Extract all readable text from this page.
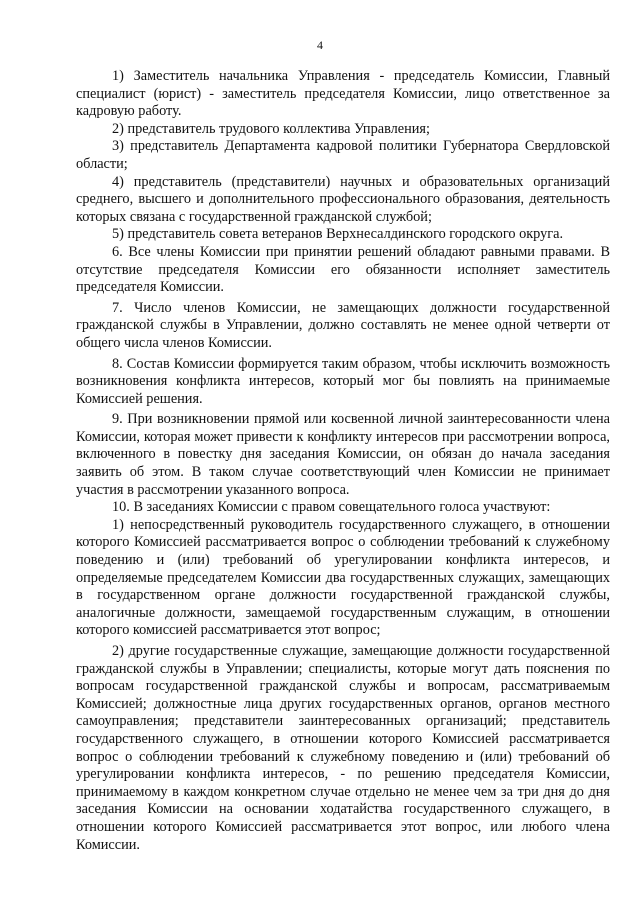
4

1) Заместитель начальника Управления - председатель Комиссии, Главный специалист (юрист) - заместитель председателя Комиссии, лицо ответственное за кадровую работу.

2) представитель трудового коллектива Управления;

3) представитель Департамента кадровой политики Губернатора Свердловской области;

4) представитель (представители) научных и образовательных организаций среднего, высшего и дополнительного профессионального образования, деятельность которых связана с государственной гражданской службой;

5) представитель совета ветеранов Верхнесалдинского городского округа.

6. Все члены Комиссии при принятии решений обладают равными правами. В отсутствие председателя Комиссии его обязанности исполняет заместитель председателя Комиссии.

7. Число членов Комиссии, не замещающих должности государственной гражданской службы в Управлении, должно составлять не менее одной четверти от общего числа членов Комиссии.

8. Состав Комиссии формируется таким образом, чтобы исключить возможность возникновения конфликта интересов, который мог бы повлиять на принимаемые Комиссией решения.

9. При возникновении прямой или косвенной личной заинтересованности члена Комиссии, которая может привести к конфликту интересов при рассмотрении вопроса, включенного в повестку дня заседания Комиссии, он обязан до начала заседания заявить об этом. В таком случае соответствующий член Комиссии не принимает участия в рассмотрении указанного вопроса.

10. В заседаниях Комиссии с правом совещательного голоса участвуют:

1) непосредственный руководитель государственного служащего, в отношении которого Комиссией рассматривается вопрос о соблюдении требований к служебному поведению и (или) требований об урегулировании конфликта интересов, и определяемые председателем Комиссии два государственных служащих, замещающих в государственном органе должности государственной гражданской службы, аналогичные должности, замещаемой государственным служащим, в отношении которого комиссией рассматривается этот вопрос;

2) другие государственные служащие, замещающие должности государственной гражданской службы в Управлении; специалисты, которые могут дать пояснения по вопросам государственной гражданской службы и вопросам, рассматриваемым Комиссией; должностные лица других государственных органов, органов местного самоуправления; представители заинтересованных организаций; представитель государственного служащего, в отношении которого Комиссией рассматривается вопрос о соблюдении требований к служебному поведению и (или) требований об урегулировании конфликта интересов, - по решению председателя Комиссии, принимаемому в каждом конкретном случае отдельно не менее чем за три дня до дня заседания Комиссии на основании ходатайства государственного служащего, в отношении которого Комиссией рассматривается этот вопрос, или любого члена Комиссии.
